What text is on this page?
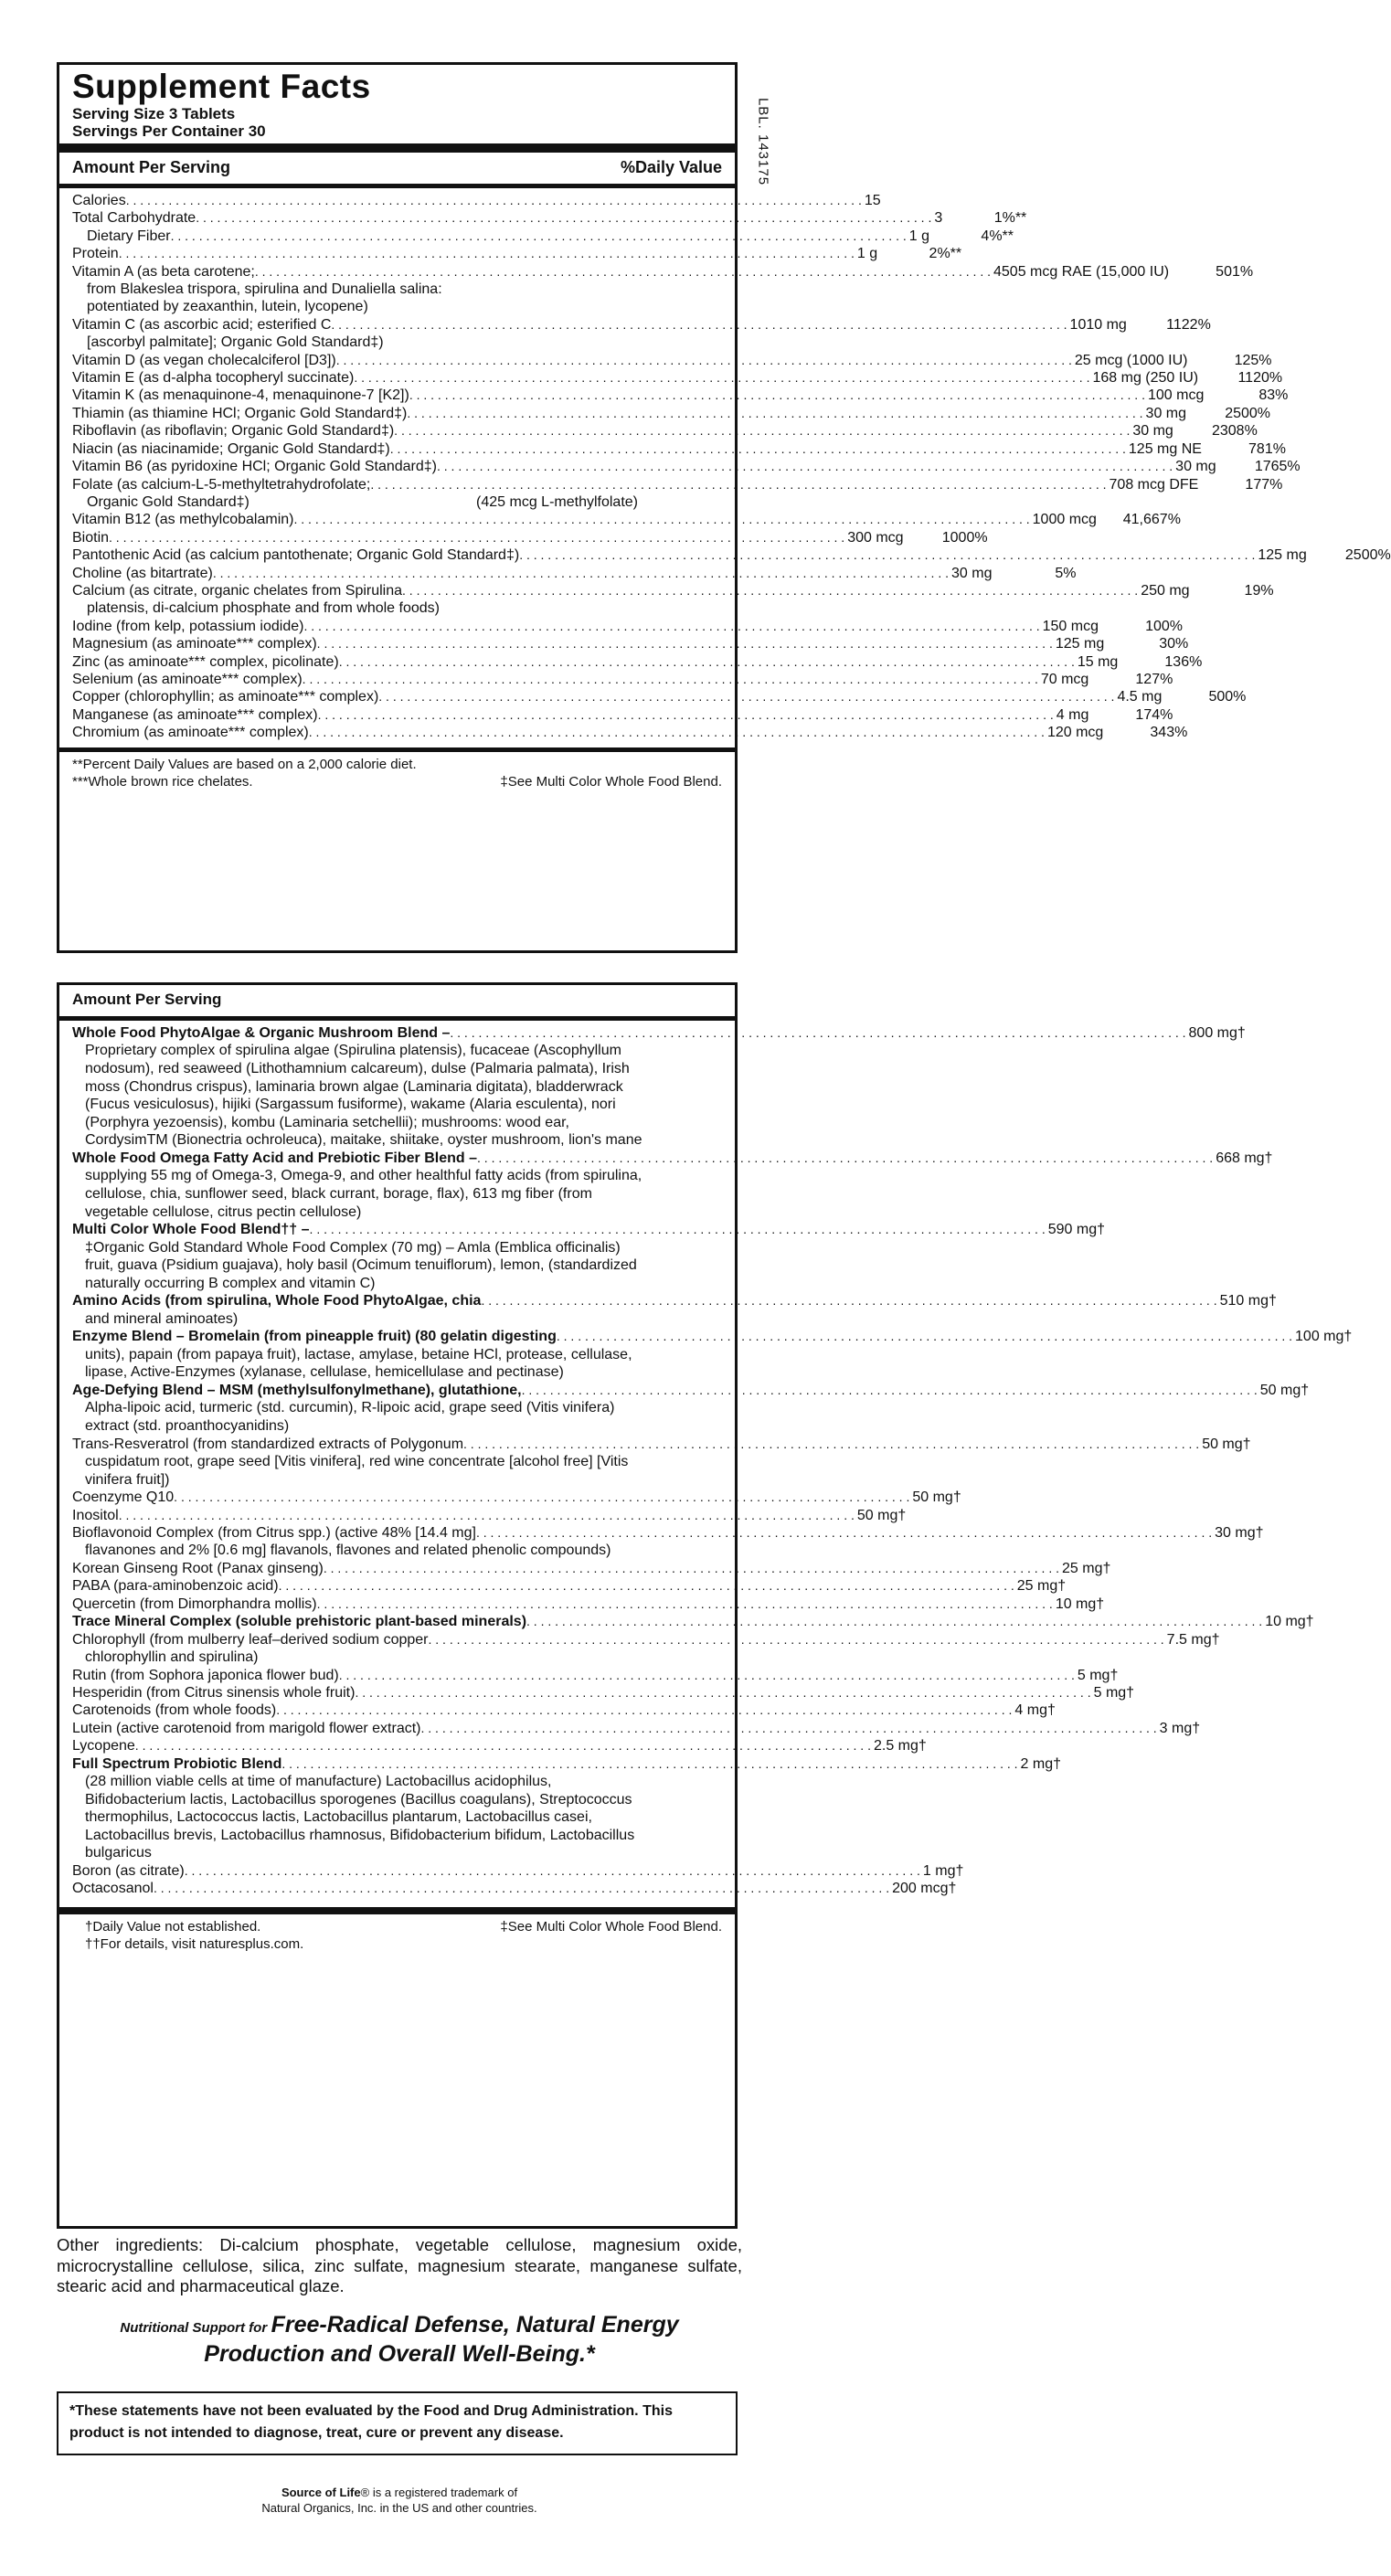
LBL. 143175
Supplement Facts
Serving Size 3 Tablets
Servings Per Container 30
Amount Per Serving	%Daily Value
Calories . . .	15
Total Carbohydrate . . .	3	1%**
Dietary Fiber . . .	1 g	4%**
Protein . . .	1 g	2%**
Vitamin A (as beta carotene; . . .	4505 mcg RAE (15,000 IU)	501%
from Blakeslea trispora, spirulina and Dunaliella salina:
potentiated by zeaxanthin, lutein, lycopene)
Vitamin C (as ascorbic acid; esterified C . . .	1010 mg	1122%
[ascorbyl palmitate]; Organic Gold Standard‡)
Vitamin D (as vegan cholecalciferol [D3]) . . .	25 mcg (1000 IU)	125%
Vitamin E (as d-alpha tocopheryl succinate) . . .	168 mg (250 IU)	1120%
Vitamin K (as menaquinone-4, menaquinone-7 [K2]) . . .	100 mcg	83%
Thiamin (as thiamine HCl; Organic Gold Standard‡) . . .	30 mg	2500%
Riboflavin (as riboflavin; Organic Gold Standard‡) . . .	30 mg	2308%
Niacin (as niacinamide; Organic Gold Standard‡) . . .	125 mg NE	781%
Vitamin B6 (as pyridoxine HCl; Organic Gold Standard‡) . . .	30 mg	1765%
Folate (as calcium-L-5-methyltetrahydrofolate; . . .	708 mcg DFE	177%
Organic Gold Standard‡)	(425 mcg L-methylfolate)
Vitamin B12 (as methylcobalamin) . . .	1000 mcg	41,667%
Biotin . . .	300 mcg	1000%
Pantothenic Acid (as calcium pantothenate; Organic Gold Standard‡) . . .	125 mg	2500%
Choline (as bitartrate) . . .	30 mg	5%
Calcium (as citrate, organic chelates from Spirulina . . .	250 mg	19%
platensis, di-calcium phosphate and from whole foods)
Iodine (from kelp, potassium iodide) . . .	150 mcg	100%
Magnesium (as aminoate*** complex) . . .	125 mg	30%
Zinc (as aminoate*** complex, picolinate) . . .	15 mg	136%
Selenium (as aminoate*** complex) . . .	70 mcg	127%
Copper (chlorophyllin; as aminoate*** complex) . . .	4.5 mg	500%
Manganese (as aminoate*** complex) . . .	4 mg	174%
Chromium (as aminoate*** complex) . . .	120 mcg	343%
**Percent Daily Values are based on a 2,000 calorie diet.
***Whole brown rice chelates.	‡See Multi Color Whole Food Blend.
Amount Per Serving
Whole Food PhytoAlgae & Organic Mushroom Blend – . . .	800 mg†
Proprietary complex of spirulina algae (Spirulina platensis), fucaceae (Ascophyllum nodosum), red seaweed (Lithothamnium calcareum), dulse (Palmaria palmata), Irish moss (Chondrus crispus), laminaria brown algae (Laminaria digitata), bladderwrack (Fucus vesiculosus), hijiki (Sargassum fusiforme), wakame (Alaria esculenta), nori (Porphyra yezoensis), kombu (Laminaria setchellii); mushrooms: wood ear, CordysimTM (Bionectria ochroleuca), maitake, shiitake, oyster mushroom, lion's mane
Whole Food Omega Fatty Acid and Prebiotic Fiber Blend – . . .	668 mg†
supplying 55 mg of Omega-3, Omega-9, and other healthful fatty acids (from spirulina, cellulose, chia, sunflower seed, black currant, borage, flax), 613 mg fiber (from vegetable cellulose, citrus pectin cellulose)
Multi Color Whole Food Blend†† – . . .	590 mg†
‡Organic Gold Standard Whole Food Complex (70 mg) – Amla (Emblica officinalis) fruit, guava (Psidium guajava), holy basil (Ocimum tenuiflorum), lemon, (standardized naturally occurring B complex and vitamin C)
Amino Acids (from spirulina, Whole Food PhytoAlgae, chia . . .	510 mg†
and mineral aminoates)
Enzyme Blend – Bromelain (from pineapple fruit) (80 gelatin digesting . . .	100 mg†
units), papain (from papaya fruit), lactase, amylase, betaine HCl, protease, cellulase, lipase, Active-Enzymes (xylanase, cellulase, hemicellulase and pectinase)
Age-Defying Blend – MSM (methylsulfonylmethane), glutathione, . . .	50 mg†
Alpha-lipoic acid, turmeric (std. curcumin), R-lipoic acid, grape seed (Vitis vinifera) extract (std. proanthocyanidins)
Trans-Resveratrol (from standardized extracts of Polygonum . . .	50 mg†
cuspidatum root, grape seed [Vitis vinifera], red wine concentrate [alcohol free] [Vitis vinifera fruit])
Coenzyme Q10 . . .	50 mg†
Inositol . . .	50 mg†
Bioflavonoid Complex (from Citrus spp.) (active 48% [14.4 mg] . . .	30 mg†
flavanones and 2% [0.6 mg] flavanols, flavones and related phenolic compounds)
Korean Ginseng Root (Panax ginseng) . . .	25 mg†
PABA (para-aminobenzoic acid) . . .	25 mg†
Quercetin (from Dimorphandra mollis) . . .	10 mg†
Trace Mineral Complex (soluble prehistoric plant-based minerals) . . .	10 mg†
Chlorophyll (from mulberry leaf–derived sodium copper . . .	7.5 mg†
chlorophyllin and spirulina)
Rutin (from Sophora japonica flower bud) . . .	5 mg†
Hesperidin (from Citrus sinensis whole fruit) . . .	5 mg†
Carotenoids (from whole foods) . . .	4 mg†
Lutein (active carotenoid from marigold flower extract) . . .	3 mg†
Lycopene . . .	2.5 mg†
Full Spectrum Probiotic Blend . . .	2 mg†
(28 million viable cells at time of manufacture) Lactobacillus acidophilus, Bifidobacterium lactis, Lactobacillus sporogenes (Bacillus coagulans), Streptococcus thermophilus, Lactococcus lactis, Lactobacillus plantarum, Lactobacillus casei, Lactobacillus brevis, Lactobacillus rhamnosus, Bifidobacterium bifidum, Lactobacillus bulgaricus
Boron (as citrate) . . .	1 mg†
Octacosanol . . .	200 mcg†
†Daily Value not established.	‡See Multi Color Whole Food Blend.
††For details, visit naturesplus.com.
Other ingredients: Di-calcium phosphate, vegetable cellulose, magnesium oxide, microcrystalline cellulose, silica, zinc sulfate, magnesium stearate, manganese sulfate, stearic acid and pharmaceutical glaze.
Nutritional Support for Free-Radical Defense, Natural Energy Production and Overall Well-Being.*
*These statements have not been evaluated by the Food and Drug Administration. This product is not intended to diagnose, treat, cure or prevent any disease.
Source of Life® is a registered trademark of
Natural Organics, Inc. in the US and other countries.
